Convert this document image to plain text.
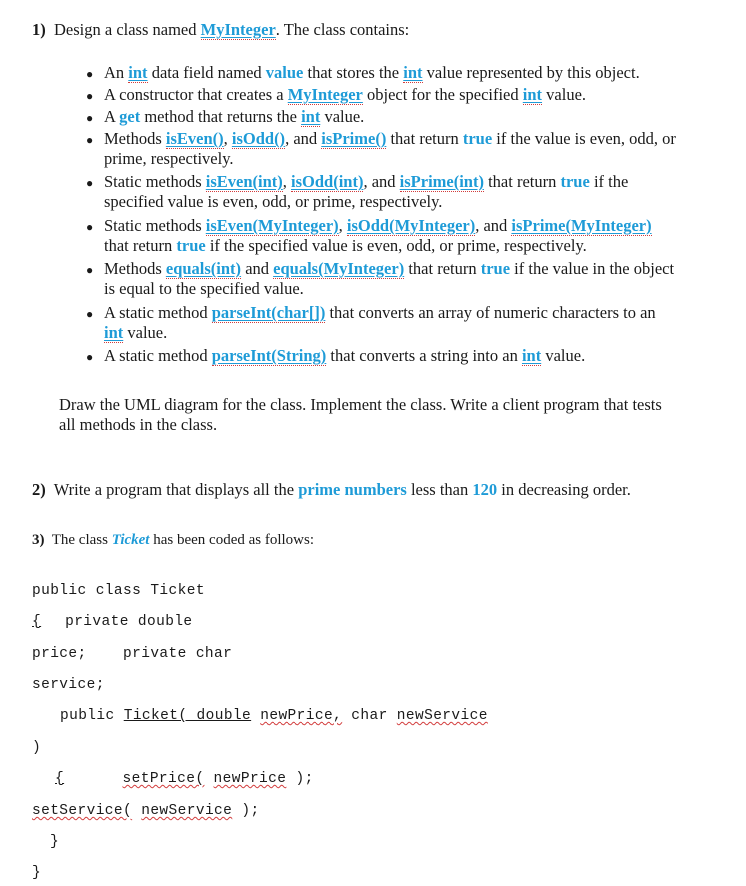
1) Design a class named MyInteger. The class contains:
● An int data field named value that stores the int value represented by this object.
● A constructor that creates a MyInteger object for the specified int value.
● A get method that returns the int value.
● Methods isEven(), isOdd(), and isPrime() that return true if the value is even, odd, or
prime, respectively.
● Static methods isEven(int), isOdd(int), and isPrime(int) that return true if the
specified value is even, odd, or prime, respectively.
● Static methods isEven(MyInteger), isOdd(MyInteger), and isPrime(MyInteger)
that return true if the specified value is even, odd, or prime, respectively.
● Methods equals(int) and equals(MyInteger) that return true if the value in the object
is equal to the specified value.
● A static method parseInt(char[]) that converts an array of numeric characters to an
int value.
● A static method parseInt(String) that converts a string into an int value.
Draw the UML diagram for the class. Implement the class. Write a client program that tests
all methods in the class.
2) Write a program that displays all the prime numbers less than 120 in decreasing order.
3) The class Ticket has been coded as follows:
public class Ticket
{ private double
price;	private char
service;
public Ticket( double newPrice, char newService
)
{	setPrice( newPrice );
setService( newService );
}
}
